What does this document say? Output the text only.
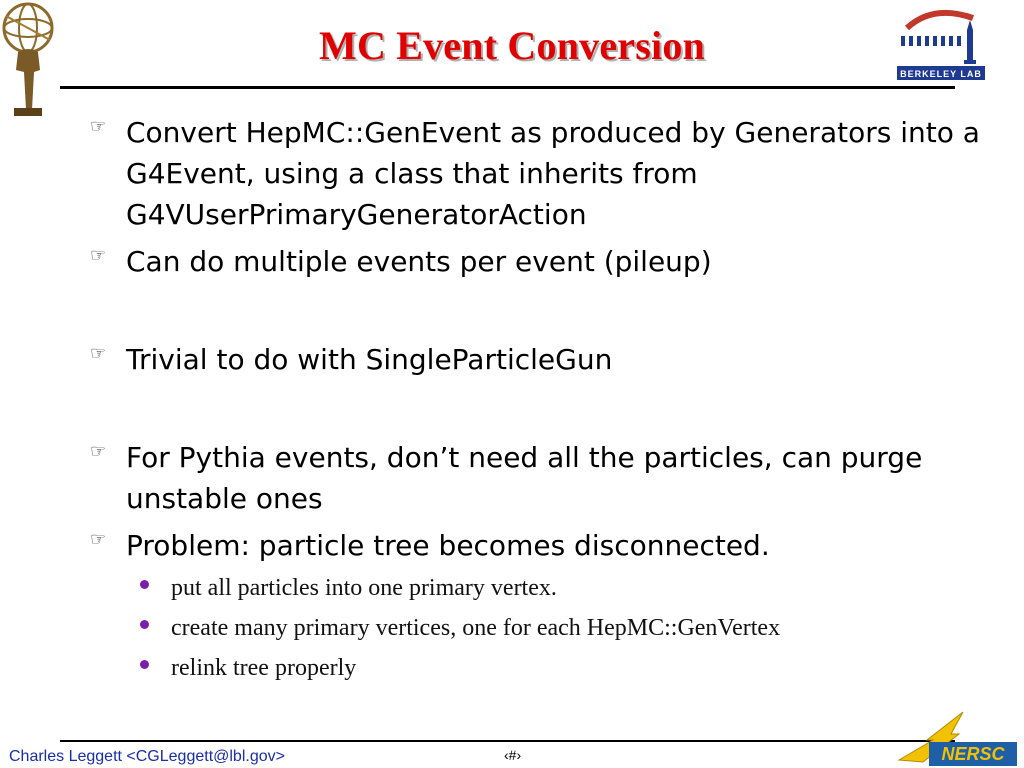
BERKELEY LAB
MC Event Conversion
☞ Convert HepMC::GenEvent as produced by Generators into a G4Event, using a class that inherits from G4VUserPrimaryGeneratorAction
☞ Can do multiple events per event (pileup)
☞ Trivial to do with SingleParticleGun
☞ For Pythia events, don’t need all the particles, can purge unstable ones
☞ Problem: particle tree becomes disconnected.
put all particles into one primary vertex.
create many primary vertices, one for each HepMC::GenVertex
relink tree properly
Charles Leggett <CGLeggett@lbl.gov>	‹#›	NERSC
